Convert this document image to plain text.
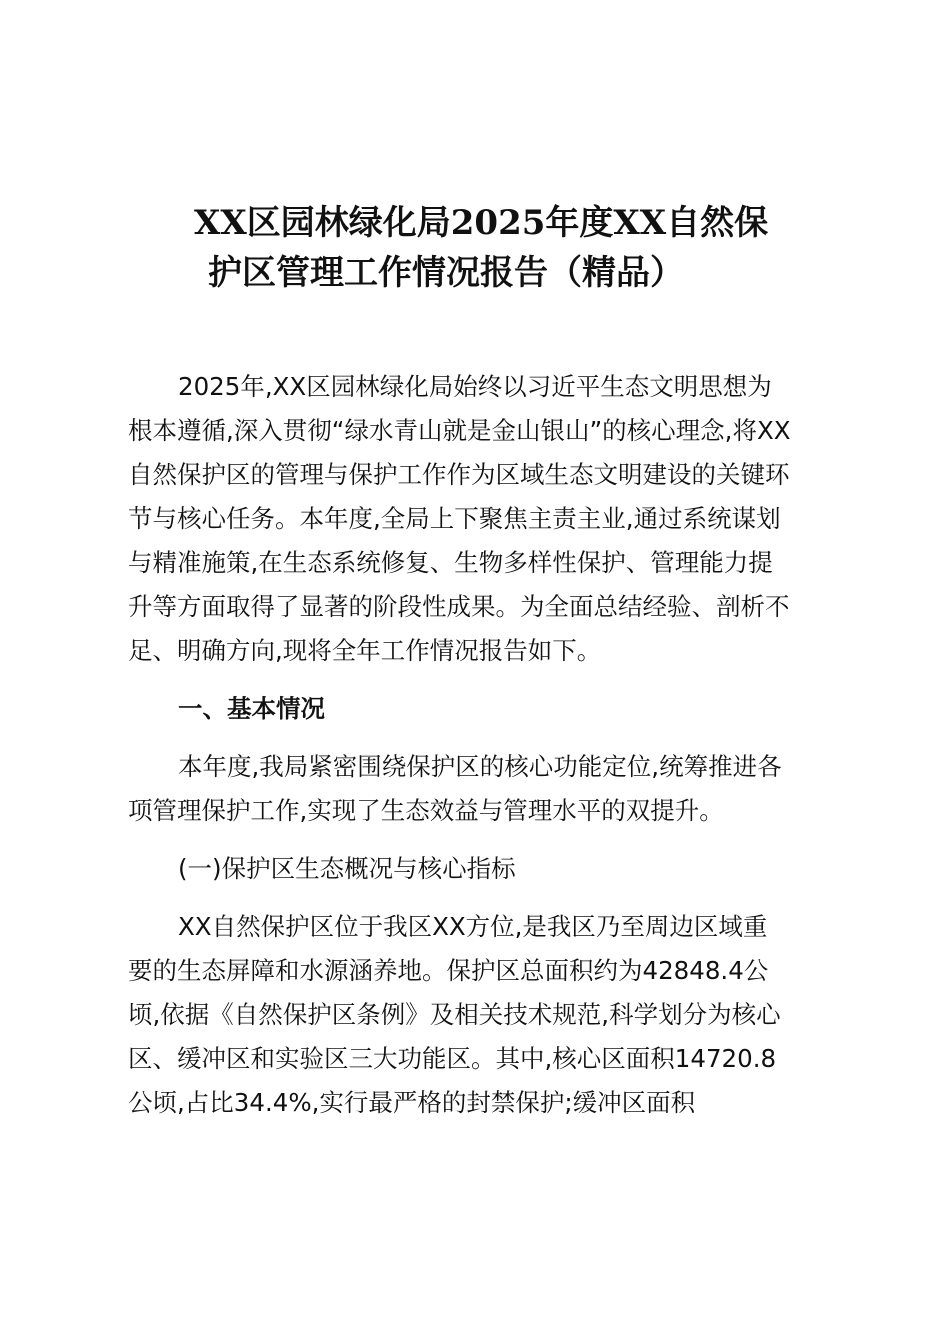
XX区园林绿化局2025年度XX自然保
护区管理工作情况报告（精品）
2025年,XX区园林绿化局始终以习近平生态文明思想为
根本遵循,深入贯彻“绿水青山就是金山银山”的核心理念,将XX
自然保护区的管理与保护工作作为区域生态文明建设的关键环
节与核心任务。本年度,全局上下聚焦主责主业,通过系统谋划
与精准施策,在生态系统修复、生物多样性保护、管理能力提
升等方面取得了显著的阶段性成果。为全面总结经验、剖析不
足、明确方向,现将全年工作情况报告如下。
一、基本情况
本年度,我局紧密围绕保护区的核心功能定位,统筹推进各
项管理保护工作,实现了生态效益与管理水平的双提升。
(一)保护区生态概况与核心指标
XX自然保护区位于我区XX方位,是我区乃至周边区域重
要的生态屏障和水源涵养地。保护区总面积约为42848.4公
顷,依据《自然保护区条例》及相关技术规范,科学划分为核心
区、缓冲区和实验区三大功能区。其中,核心区面积14720.8
公顷,占比34.4%,实行最严格的封禁保护;缓冲区面积
